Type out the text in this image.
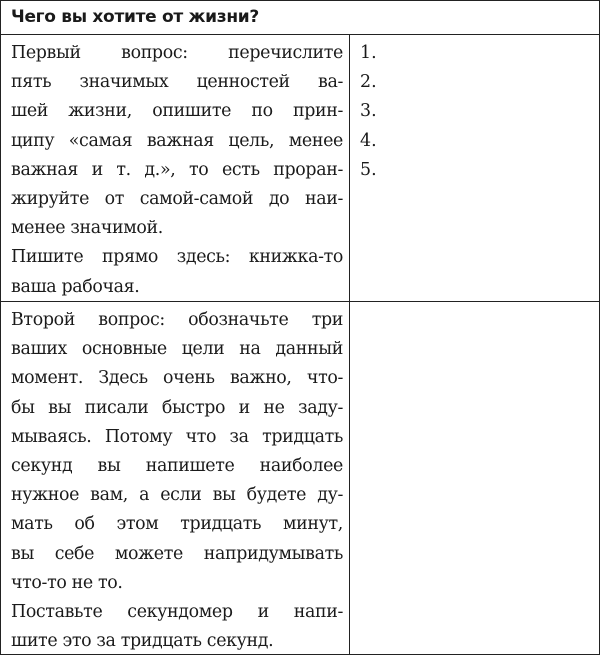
Чего вы хотите от жизни?
Первый вопрос: перечислите
пять значимых ценностей ва-
шей жизни, опишите по прин-
ципу «самая важная цель, менее
важная и т. д.», то есть проран-
жируйте от самой-самой до наи-
менее значимой.
Пишите прямо здесь: книжка-то
ваша рабочая.
1.
2.
3.
4.
5.
Второй вопрос: обозначьте три
ваших основные цели на данный
момент. Здесь очень важно, что-
бы вы писали быстро и не заду-
мываясь. Потому что за тридцать
секунд вы напишете наиболее
нужное вам, а если вы будете ду-
мать об этом тридцать минут,
вы себе можете напридумывать
что-то не то.
Поставьте секундомер и напи-
шите это за тридцать секунд.
